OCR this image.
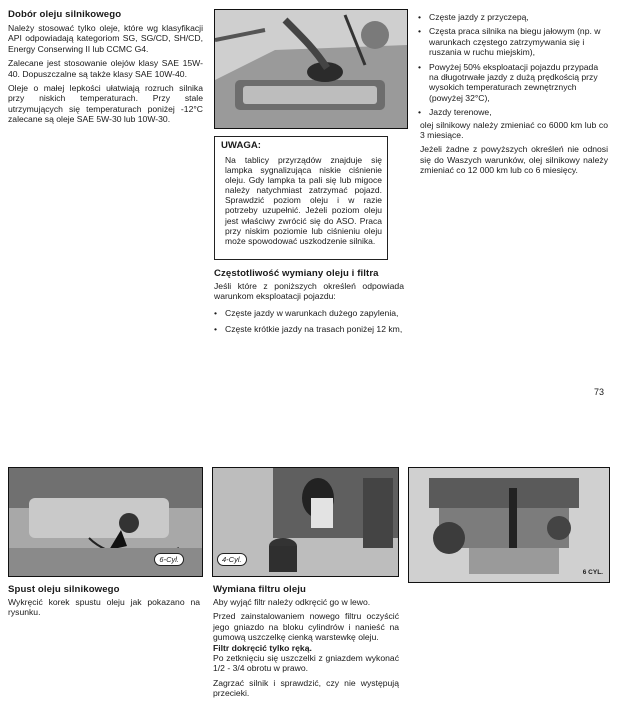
Dobór oleju silnikowego

Należy stosować tylko oleje, które wg klasyfikacji API odpowiadają kategoriom SG, SG/CD, SH/CD, Energy Conserwing II lub CCMC G4.

Zalecane jest stosowanie olejów klasy SAE 15W-40. Dopuszczalne są także klasy SAE 10W-40.

Oleje o małej lepkości ułatwiają rozruch silnika przy niskich temperaturach. Przy stale utrzymujących się temperaturach poniżej -12°C zalecane są oleje SAE 5W-30 lub 10W-30.

UWAGA:
Na tablicy przyrządów znajduje się lampka sygnalizująca niskie ciśnienie oleju. Gdy lampka ta pali się lub migoce należy natychmiast zatrzymać pojazd. Sprawdzić poziom oleju i w razie potrzeby uzupełnić. Jeżeli poziom oleju jest właściwy zwrócić się do ASO. Praca przy niskim poziomie lub ciśnieniu oleju może spowodować uszkodzenie silnika.
Częstotliwość wymiany oleju i filtra

Jeśli które z poniższych określeń odpowiada warunkom eksploatacji pojazdu:

• Częste jazdy w warunkach dużego zapylenia,
• Częste krótkie jazdy na trasach poniżej 12 km,
• Częste jazdy z przyczepą,
• Częsta praca silnika na biegu jałowym (np. w warunkach częstego zatrzymywania się i ruszania w ruchu miejskim),
• Powyżej 50% eksploatacji pojazdu przypada na długotrwałe jazdy z dużą prędkością przy wysokich temperaturach zewnętrznych (powyżej 32°C),
• Jazdy terenowe,

olej silnikowy należy zmieniać co 6000 km lub co 3 miesiące.

Jeżeli żadne z powyższych określeń nie odnosi się do Waszych warunków, olej silnikowy należy zmieniać co 12 000 km lub co 6 miesięcy.

73
6-Cyl.	4-Cyl.
6 CYL.
Spust oleju silnikowego

Wykręcić korek spustu oleju jak pokazano na rysunku.

Wymiana filtru oleju

Aby wyjąć filtr należy odkręcić go w lewo.

Przed zainstalowaniem nowego filtru oczyścić jego gniazdo na bloku cylindrów i nanieść na gumową uszczelkę cienką warstewkę oleju.

Filtr dokręcić tylko ręką.

Po zetknięciu się uszczelki z gniazdem wykonać 1/2 - 3/4 obrotu w prawo.

Zagrzać silnik i sprawdzić, czy nie występują przecieki.
